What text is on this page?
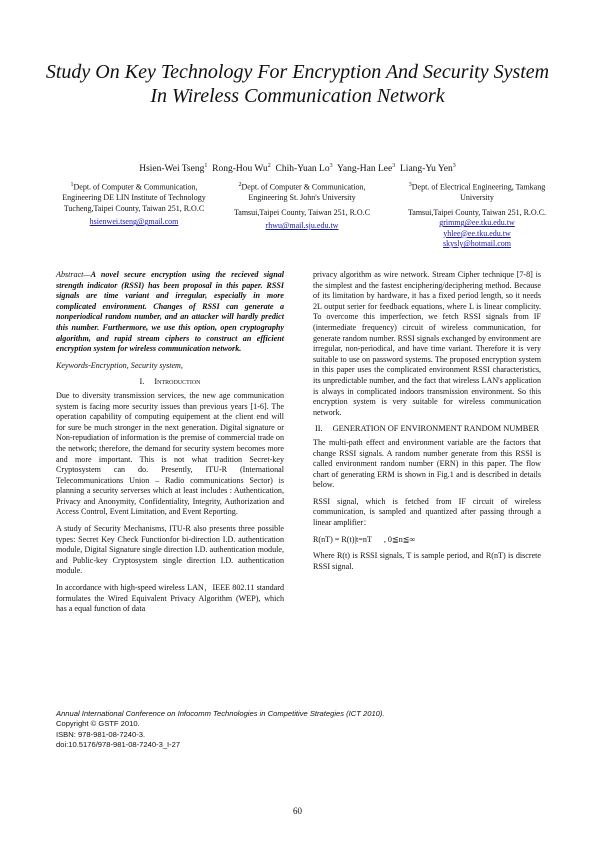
Study On Key Technology For Encryption And Security System In Wireless Communication Network
Hsien-Wei Tseng$^1$ Rong-Hou Wu$^2$ Chih-Yuan Lo$^3$ Yang-Han Lee$^3$ Liang-Yu Yen$^3$
$^1$Dept. of Computer & Communication, Engineering DE LIN Institute of Technology
Tucheng,Taipei County, Taiwan 251, R.O.C
hsienwei.tseng@gmail.com
$^2$Dept. of Computer & Communication, Engineering St. John's University
Tamsui,Taipei County, Taiwan 251, R.O.C
rhwu@mail.sju.edu.tw
$^3$Dept. of Electrical Engineering, Tamkang University
Tamsui,Taipei County, Taiwan 251, R.O.C.
grimmg@ee.tku.edu.tw
yhlee@ee.tku.edu.tw
skysly@hotmail.com

Abstract—A novel secure encryption using the recieved signal strength indicator (RSSI) has been proposal in this paper. RSSI signals are time variant and irregular, especially in more complicated environment. Changes of RSSI can generate a nonperiodical random number, and an attacker will hardly predict this number. Furthermore, we use this option, open cryptography algorithm, and rapid stream ciphers to construct an efficient encryption system for wireless communication network.

Keywords-Encryption, Security system,

I. Introduction

Due to diversity transmission services, the new age communication system is facing more security issues than previous years [1-6]. The operation capability of computing equipement at the client end will for sure be much stronger in the next generation. Digital signature or Non-repudiation of information is the premise of commercial trade on the network; therefore, the demand for security system becomes more and more important. This is not what tradition Secret-key Cryptosystem can do. Presently, ITU-R (International Telecommunications Union – Radio communications Sector) is planning a security serverses which at least includes : Authentication, Privacy and Anonymity, Confidentiality, Integrity, Authorization and Access Control, Event Limitation, and Event Reporting.

A study of Security Mechanisms, ITU-R also presents three possible types: Secret Key Check Functionfor bi-direction I.D. authentication module, Digital Signature single direction I.D. authentication module, and Public-key Cryptosystem single direction I.D. authentication module.

In accordance with high-speed wireless LAN，IEEE 802.11 standard formulates the Wired Equivalent Privacy Algorithm (WEP), which has a equal function of data

privacy algorithm as wire network. Stream Cipher technique [7-8] is the simplest and the fastest enciphering/deciphering method. Because of its limitation by hardware, it has a fixed period length, so it needs 2L output serier for feedback equations, where L is linear complicity. To overcome this imperfection, we fetch RSSI signals from IF (intermediate frequency) circuit of wireless communication, for generate random number. RSSI signals exchanged by environment are irregular, non-periodical, and have time variant. Therefore it is very suitable to use on password systems. The proposed encryption system in this paper uses the complicated environment RSSI characteristics, its unpredictable number, and the fact that wireless LAN's application is always in complicated indoors transmission environment. So this encryption system is very suitable for wireless communication network.

II. GENERATION OF ENVIRONMENT RANDOM NUMBER

The multi-path effect and environment variable are the factors that change RSSI signals. A random number generate from this RSSI is called environment random number (ERN) in this paper. The flow chart of generating ERM is shown in Fig.1 and is described in details below.

RSSI signal, which is fetched from IF circuit of wireless communication, is sampled and quantized after passing through a linear amplifier：

R(nT) = R(t)|t=nT      , 0≦n≦∞

Where R(t) is RSSI signals, T is sample period, and R(nT) is discrete RSSI signal.

Annual International Conference on Infocomm Technologies in Competitive Strategies (ICT 2010).
Copyright © GSTF 2010.
ISBN: 978-981-08-7240-3.
doi:10.5176/978-981-08-7240-3_I-27
60
